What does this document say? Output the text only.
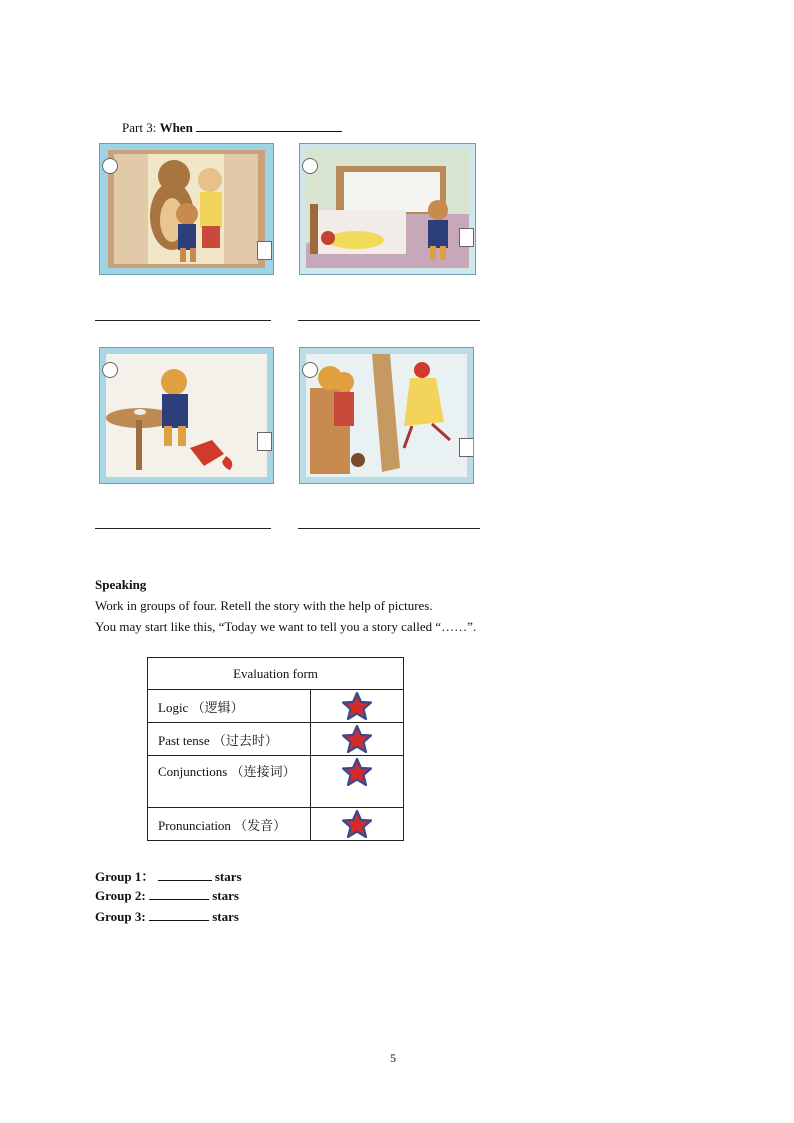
Part 3: When
Speaking
Work in groups of four. Retell the story with the help of pictures.
You may start like this, “Today we want to tell you a story called “……”.
Evaluation form	
Logic （逻辑）	

Past tense （过去时）	

Conjunctions （连接词）	

Pronunciation （发音）	
Group 1：	stars
Group 2:	stars
Group 3:	stars
5
